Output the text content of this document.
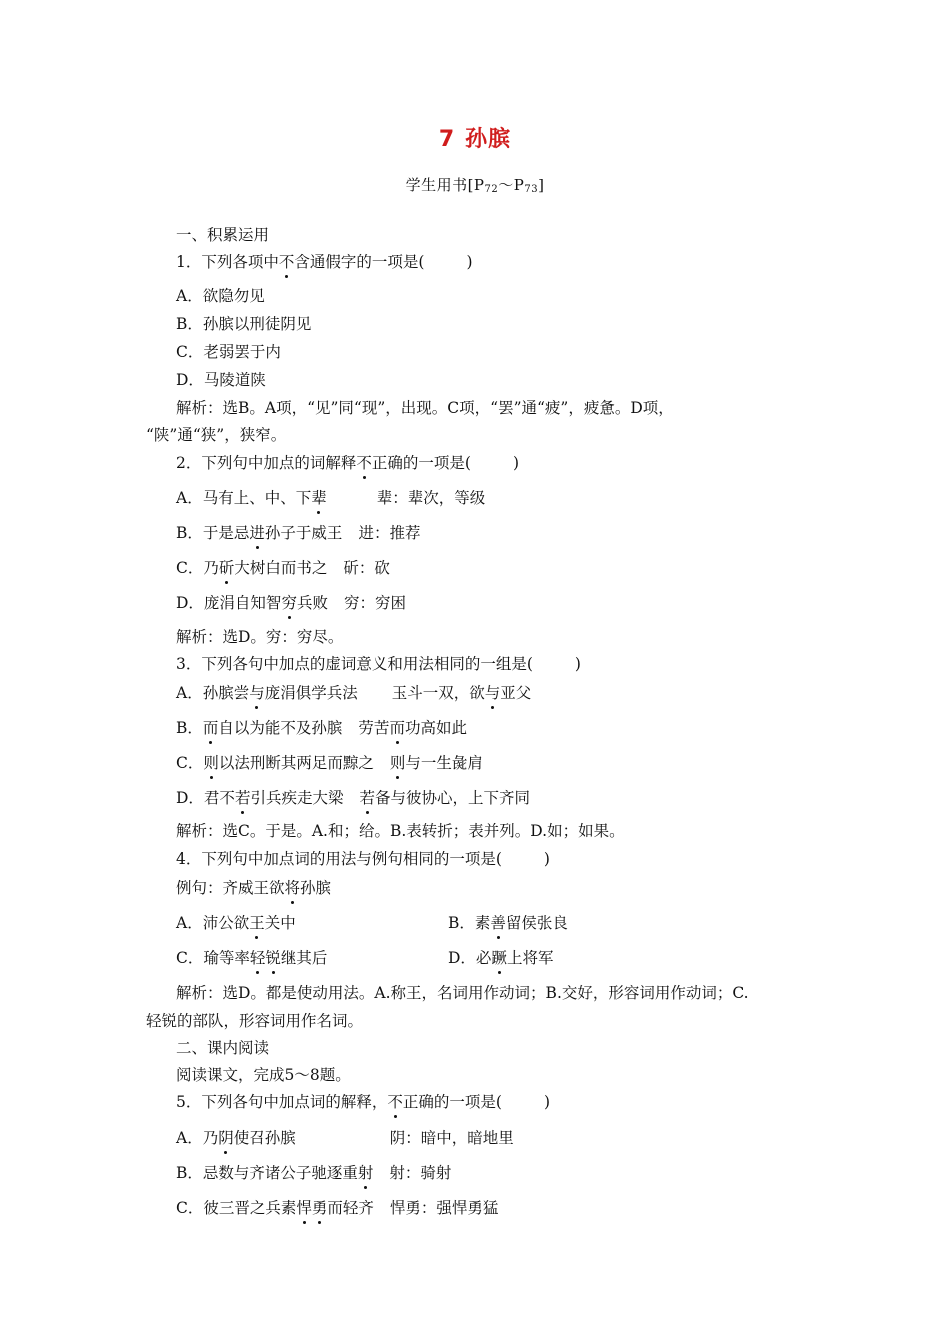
7 孙膑
学生用书$[P_{72}\sim P_{73}]$
一、积累运用
1．下列各项中不含通假字的一项是(	)
A．欲隐勿见
B．孙膑以刑徒阴见
C．老弱罢于内
D．马陵道陕
解析：选B。A项，“见”同“现”，出现。C项，“罢”通“疲”，疲惫。D项，
“陕”通“狭”，狭窄。
2．下列句中加点的词解释不正确的一项是(	)
A．马有上、中、下辈	辈：辈次，等级
B．于是忌进孙子于威王 进：推荐
C．乃斫大树白而书之 斫：砍
D．庞涓自知智穷兵败 穷：穷困
解析：选D。穷：穷尽。
3．下列各句中加点的虚词意义和用法相同的一组是(	)
A．孙膑尝与庞涓俱学兵法 玉斗一双，欲与亚父
B．而自以为能不及孙膑 劳苦而功高如此
C．则以法刑断其两足而黥之 则与一生彘肩
D．君不若引兵疾走大梁 若备与彼协心，上下齐同
解析：选C。于是。A.和；给。B.表转折；表并列。D.如；如果。
4．下列句中加点词的用法与例句相同的一项是(	)
例句：齐威王欲将孙膑
A．沛公欲王关中	B．素善留侯张良
C．瑜等率轻锐继其后	D．必蹶上将军
解析：选D。都是使动用法。A.称王，名词用作动词；B.交好，形容词用作动词；C.
轻锐的部队，形容词用作名词。
二、课内阅读
阅读课文，完成5～8题。
5．下列各句中加点词的解释，不正确的一项是(	)
A．乃阴使召孙膑	阴：暗中，暗地里
B．忌数与齐诸公子驰逐重射 射：骑射
C．彼三晋之兵素悍勇而轻齐 悍勇：强悍勇猛
